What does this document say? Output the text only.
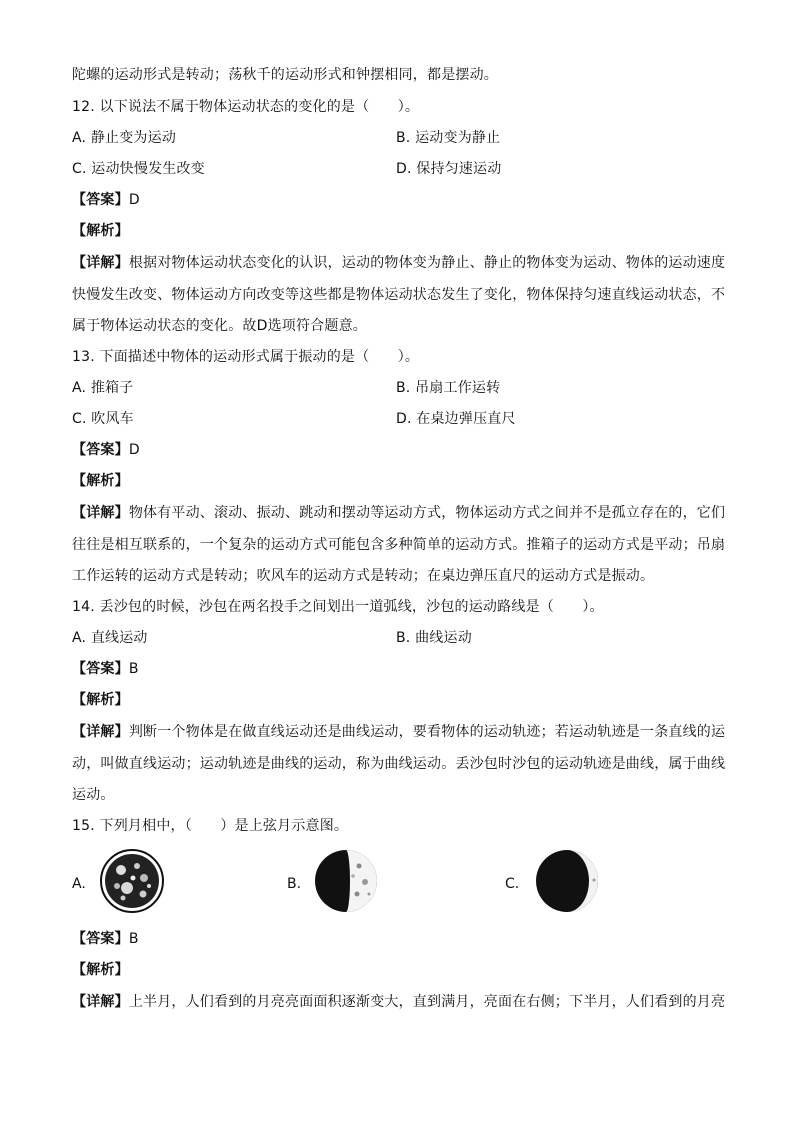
陀螺的运动形式是转动；荡秋千的运动形式和钟摆相同，都是摆动。
12. 以下说法不属于物体运动状态的变化的是（　　）。
A. 静止变为运动	B. 运动变为静止
C. 运动快慢发生改变	D. 保持匀速运动
【答案】D
【解析】
【详解】根据对物体运动状态变化的认识，运动的物体变为静止、静止的物体变为运动、物体的运动速度
快慢发生改变、物体运动方向改变等这些都是物体运动状态发生了变化，物体保持匀速直线运动状态，不
属于物体运动状态的变化。故D选项符合题意。
13. 下面描述中物体的运动形式属于振动的是（　　）。
A. 推箱子	B. 吊扇工作运转
C. 吹风车	D. 在桌边弹压直尺
【答案】D
【解析】
【详解】物体有平动、滚动、振动、跳动和摆动等运动方式，物体运动方式之间并不是孤立存在的，它们
往往是相互联系的，一个复杂的运动方式可能包含多种简单的运动方式。推箱子的运动方式是平动；吊扇
工作运转的运动方式是转动；吹风车的运动方式是转动；在桌边弹压直尺的运动方式是振动。
14. 丢沙包的时候，沙包在两名投手之间划出一道弧线，沙包的运动路线是（　　）。
A. 直线运动	B. 曲线运动
【答案】B
【解析】
【详解】判断一个物体是在做直线运动还是曲线运动，要看物体的运动轨迹；若运动轨迹是一条直线的运
动，叫做直线运动；运动轨迹是曲线的运动，称为曲线运动。丢沙包时沙包的运动轨迹是曲线，属于曲线
运动。
15. 下列月相中，（　　）是上弦月示意图。
A.	B.	C.
【答案】B
【解析】
【详解】上半月，人们看到的月亮亮面面积逐渐变大，直到满月，亮面在右侧；下半月，人们看到的月亮
